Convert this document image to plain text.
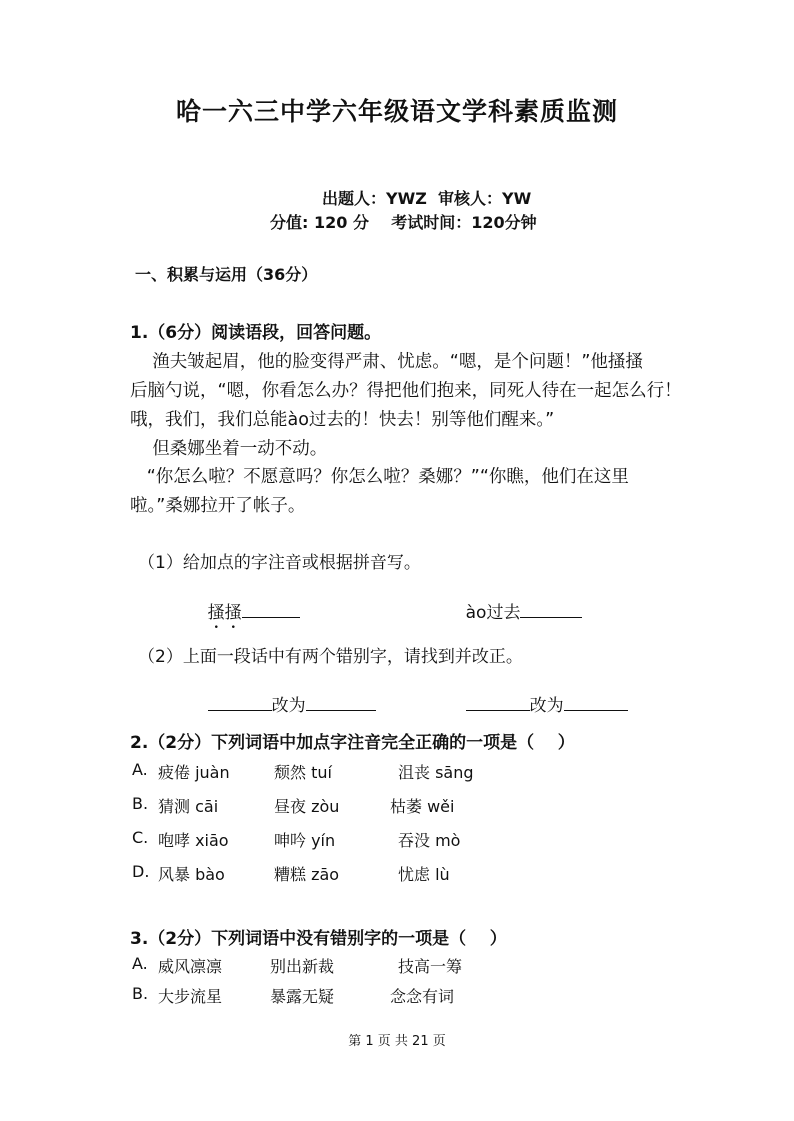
哈一六三中学六年级语文学科素质监测
出题人：YWZ  审核人：YW
分值: 120 分    考试时间：120分钟
一、积累与运用（36分）
1.（6分）阅读语段，回答问题。
渔夫皱起眉，他的脸变得严肃、忧虑。“嗯，是个问题！”他搔搔
后脑勺说，“嗯，你看怎么办？得把他们抱来，同死人待在一起怎么行！
哦，我们，我们总能ào过去的！快去！别等他们醒来。”
但桑娜坐着一动不动。
“你怎么啦？不愿意吗？你怎么啦？桑娜？”“你瞧，他们在这里
啦。”桑娜拉开了帐子。
（1）给加点的字注音或根据拼音写。

搔搔
	ào过去

（2）上面一段话中有两个错别字，请找到并改正。

改为
	改为

2.（2分）下列词语中加点字注音完全正确的一项是（    ）
A. 疲倦 juàn	颓然 tuí	沮丧 sāng
B. 猜测 cāi	昼夜 zòu	枯萎 wěi
C. 咆哮 xiāo	呻吟 yín	吞没 mò
D. 风暴 bào	糟糕 zāo	忧虑 lù
3.（2分）下列词语中没有错别字的一项是（    ）
A. 威风凛凛	别出新裁	技高一筹
B. 大步流星	暴露无疑	念念有词
第 1 页 共 21 页
